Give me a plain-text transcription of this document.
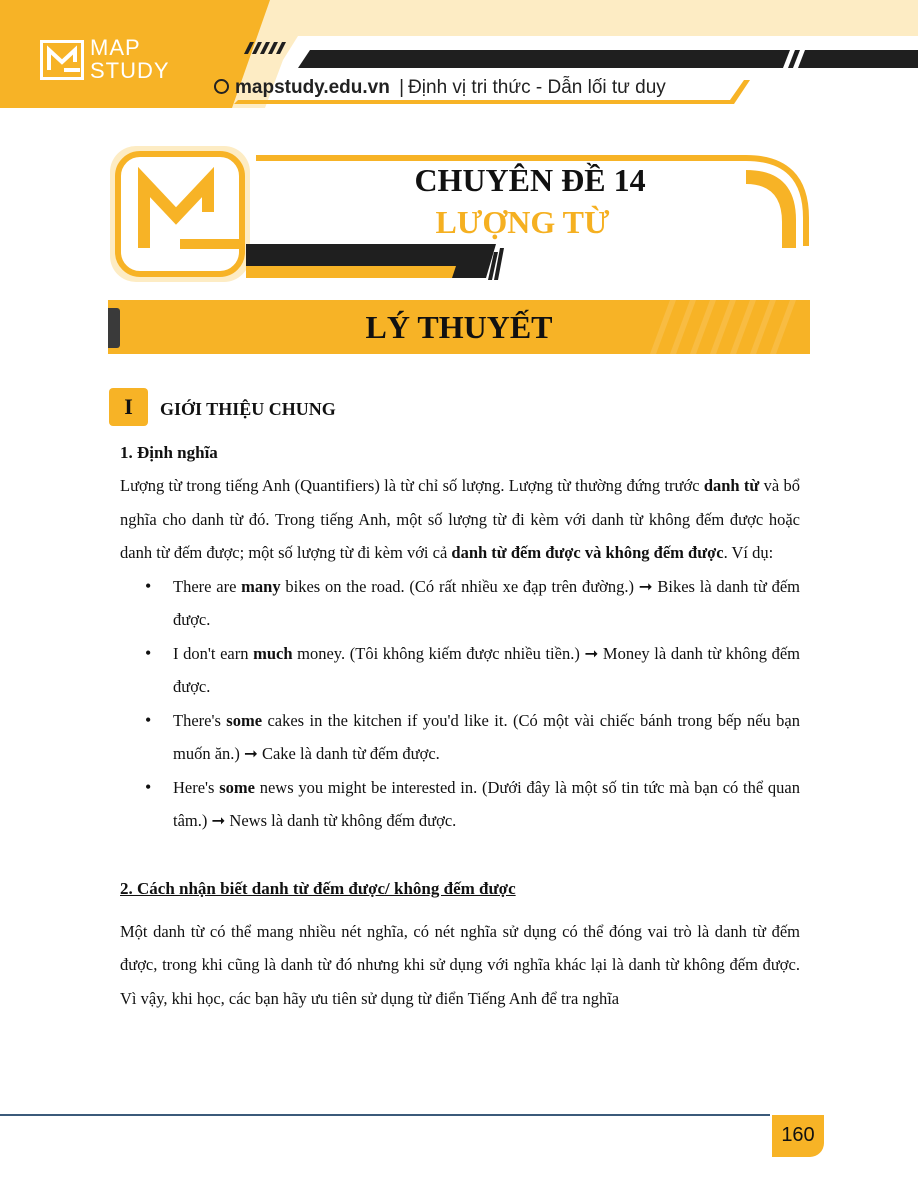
MAP
STUDY
mapstudy.edu.vn | Định vị tri thức - Dẫn lối tư duy
CHUYÊN ĐỀ 14
LƯỢNG TỪ
LÝ THUYẾT
I	GIỚI THIỆU CHUNG
1. Định nghĩa

Lượng từ trong tiếng Anh (Quantifiers) là từ chỉ số lượng. Lượng từ thường đứng trước danh từ và bổ nghĩa cho danh từ đó. Trong tiếng Anh, một số lượng từ đi kèm với danh từ không đếm được hoặc danh từ đếm được; một số lượng từ đi kèm với cả danh từ đếm được và không đếm được. Ví dụ:

• There are many bikes on the road. (Có rất nhiều xe đạp trên đường.) ➞ Bikes là danh từ đếm được.
• I don't earn much money. (Tôi không kiếm được nhiều tiền.) ➞ Money là danh từ không đếm được.
• There's some cakes in the kitchen if you'd like it. (Có một vài chiếc bánh trong bếp nếu bạn muốn ăn.) ➞ Cake là danh từ đếm được.
• Here's some news you might be interested in. (Dưới đây là một số tin tức mà bạn có thể quan tâm.) ➞ News là danh từ không đếm được.
2. Cách nhận biết danh từ đếm được/ không đếm được

Một danh từ có thể mang nhiều nét nghĩa, có nét nghĩa sử dụng có thể đóng vai trò là danh từ đếm được, trong khi cũng là danh từ đó nhưng khi sử dụng với nghĩa khác lại là danh từ không đếm được. Vì vậy, khi học, các bạn hãy ưu tiên sử dụng từ điển Tiếng Anh để tra nghĩa

160
